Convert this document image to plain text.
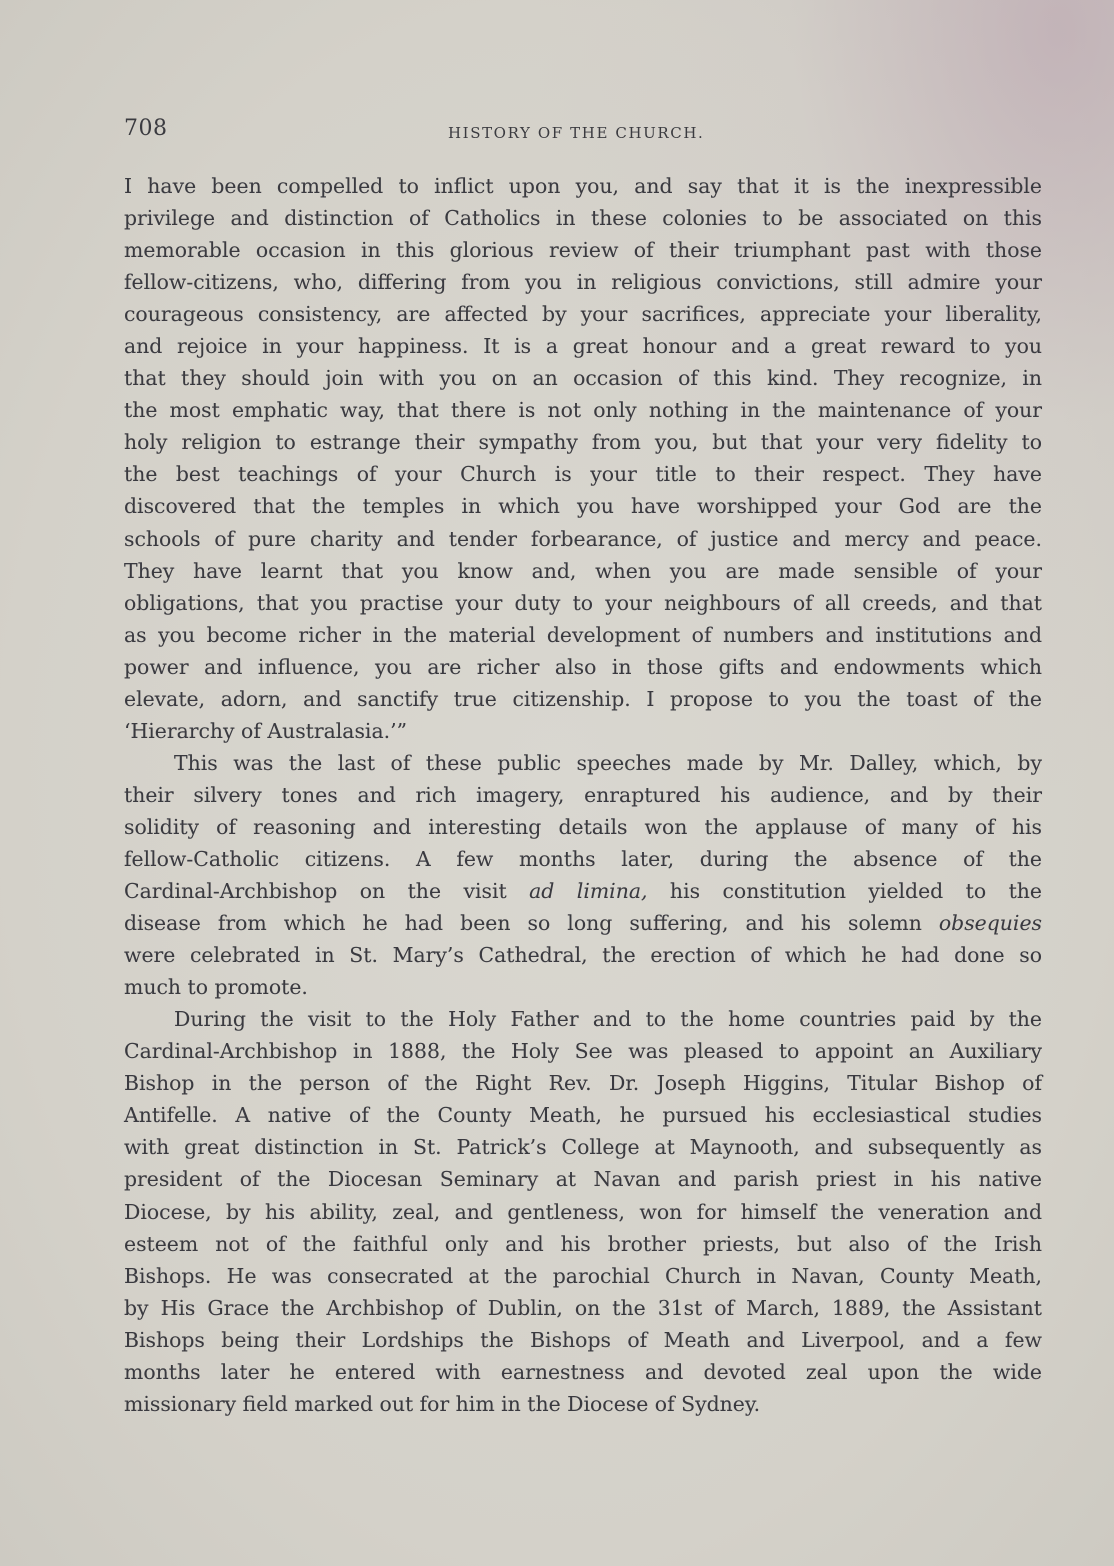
708	HISTORY OF THE CHURCH.
I have been compelled to inflict upon you, and say that it is the inexpressible
privilege and distinction of Catholics in these colonies to be associated on this
memorable occasion in this glorious review of their triumphant past with those
fellow-citizens, who, differing from you in religious convictions, still admire your
courageous consistency, are affected by your sacrifices, appreciate your liberality,
and rejoice in your happiness. It is a great honour and a great reward to you
that they should join with you on an occasion of this kind. They recognize, in
the most emphatic way, that there is not only nothing in the maintenance of your
holy religion to estrange their sympathy from you, but that your very fidelity to
the best teachings of your Church is your title to their respect. They have
discovered that the temples in which you have worshipped your God are the
schools of pure charity and tender forbearance, of justice and mercy and peace.
They have learnt that you know and, when you are made sensible of your
obligations, that you practise your duty to your neighbours of all creeds, and that
as you become richer in the material development of numbers and institutions and
power and influence, you are richer also in those gifts and endowments which
elevate, adorn, and sanctify true citizenship. I propose to you the toast of the
‘Hierarchy of Australasia.’”
This was the last of these public speeches made by Mr. Dalley, which, by
their silvery tones and rich imagery, enraptured his audience, and by their
solidity of reasoning and interesting details won the applause of many of his
fellow-Catholic citizens. A few months later, during the absence of the
Cardinal-Archbishop on the visit ad limina, his constitution yielded to the
disease from which he had been so long suffering, and his solemn obsequies
were celebrated in St. Mary’s Cathedral, the erection of which he had done so
much to promote.
During the visit to the Holy Father and to the home countries paid by the
Cardinal-Archbishop in 1888, the Holy See was pleased to appoint an Auxiliary
Bishop in the person of the Right Rev. Dr. Joseph Higgins, Titular Bishop of
Antifelle. A native of the County Meath, he pursued his ecclesiastical studies
with great distinction in St. Patrick’s College at Maynooth, and subsequently as
president of the Diocesan Seminary at Navan and parish priest in his native
Diocese, by his ability, zeal, and gentleness, won for himself the veneration and
esteem not of the faithful only and his brother priests, but also of the Irish
Bishops. He was consecrated at the parochial Church in Navan, County Meath,
by His Grace the Archbishop of Dublin, on the 31st of March, 1889, the Assistant
Bishops being their Lordships the Bishops of Meath and Liverpool, and a few
months later he entered with earnestness and devoted zeal upon the wide
missionary field marked out for him in the Diocese of Sydney.
